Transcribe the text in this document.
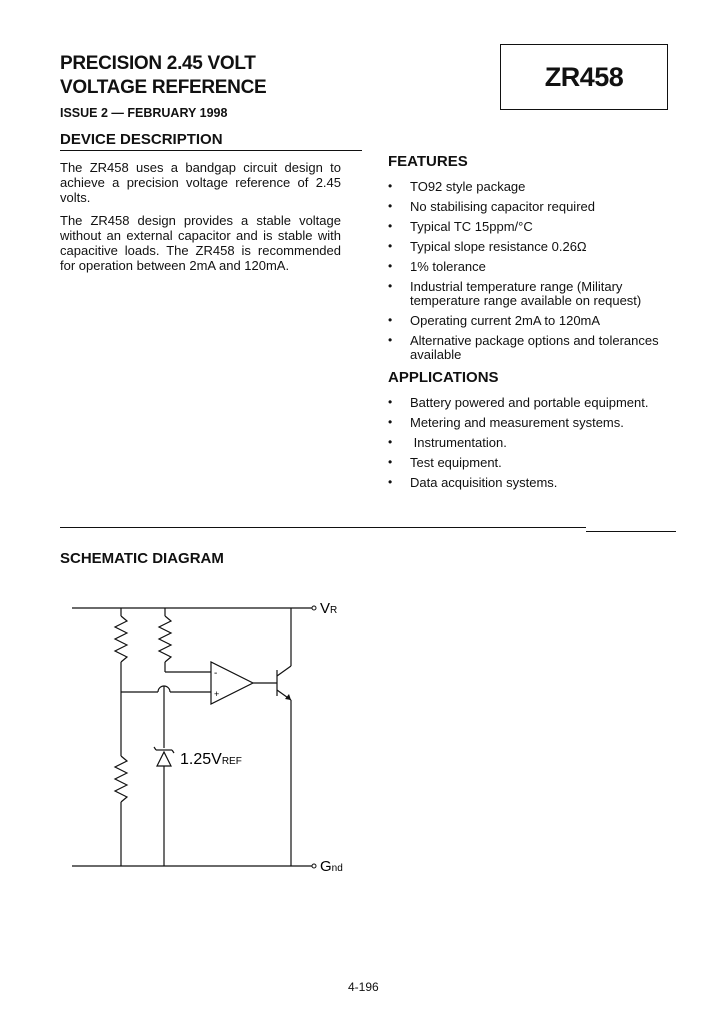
PRECISION 2.45 VOLT
VOLTAGE REFERENCE
ISSUE 2 — FEBRUARY 1998
ZR458
DEVICE DESCRIPTION

The ZR458 uses a bandgap circuit design to achieve a precision voltage reference of 2.45 volts.

The ZR458 design provides a stable voltage without an external capacitor and is stable with capacitive loads. The ZR458 is recommended for operation between 2mA and 120mA.

FEATURES
• TO92 style package
• No stabilising capacitor required
• Typical TC 15ppm/°C
• Typical slope resistance 0.26Ω
• 1% tolerance
• Industrial temperature range (Military temperature range available on request)
• Operating current 2mA to 120mA
• Alternative package options and tolerances available
APPLICATIONS
• Battery powered and portable equipment.
• Metering and measurement systems.
• Instrumentation.
• Test equipment.
• Data acquisition systems.
SCHEMATIC DIAGRAM
-
+
VR
Gnd
1.25VREF
4-196
